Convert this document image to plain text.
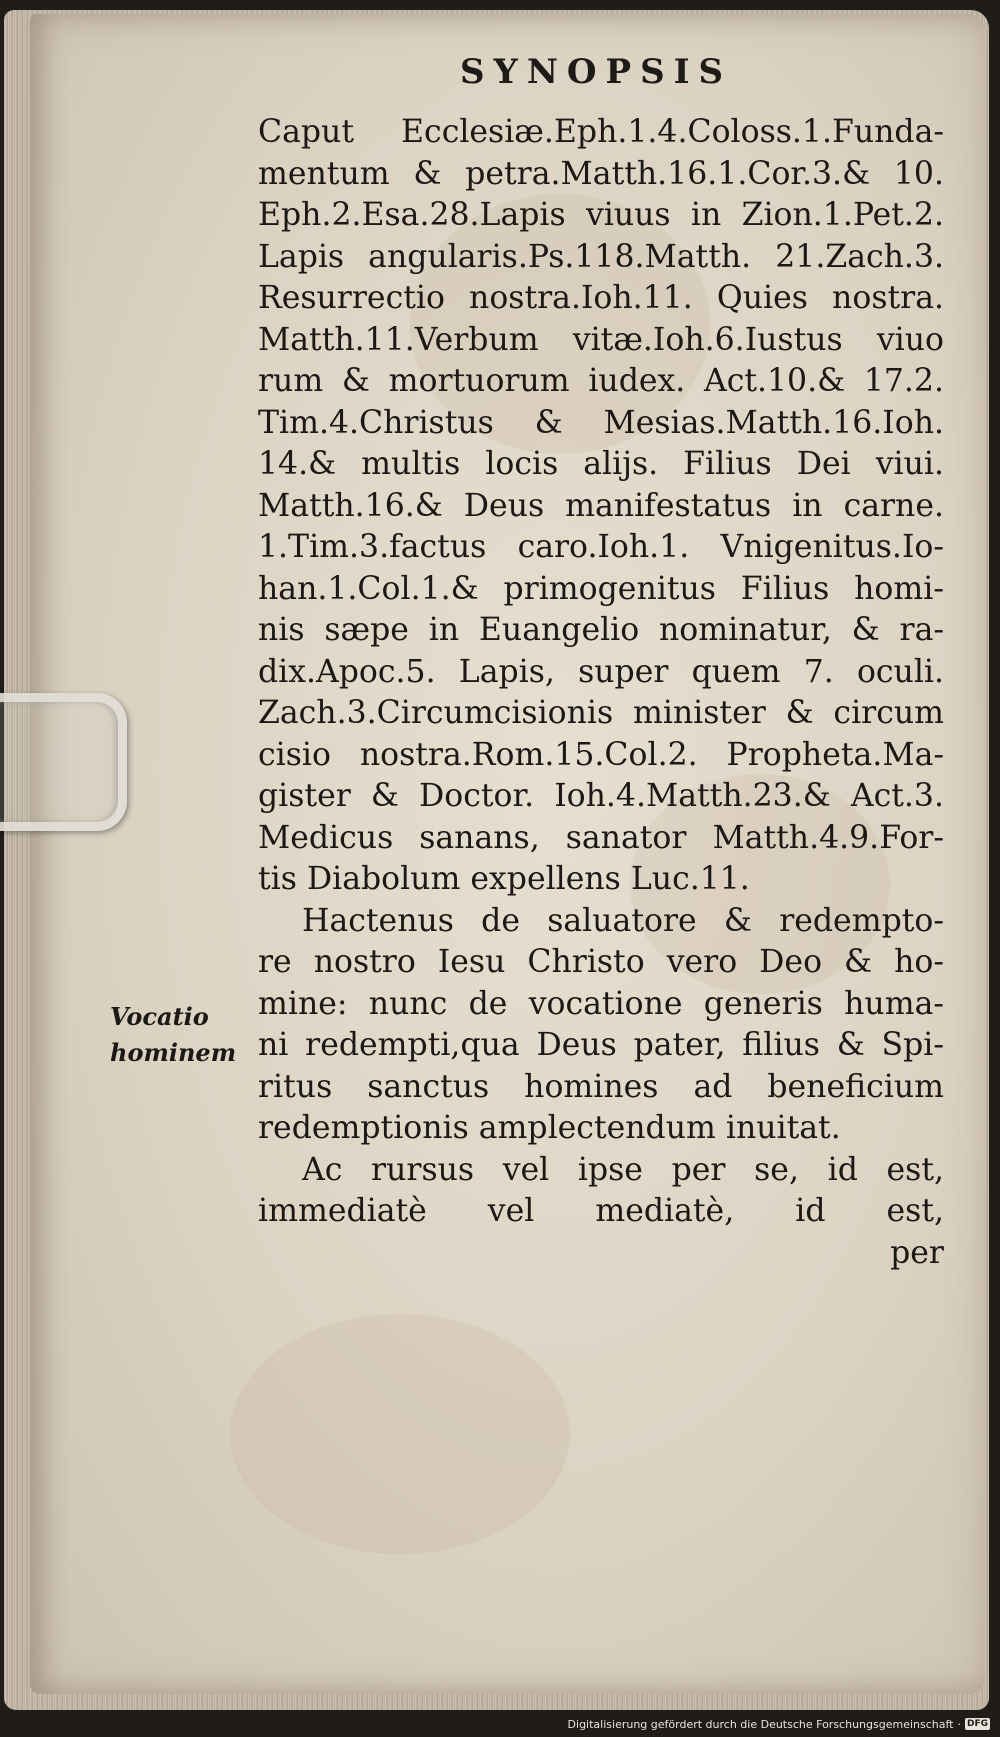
SYNOPSIS
Caput Ecclesiæ.Eph.1.4.Coloss.1.Funda-
mentum & petra.Matth.16.1.Cor.3.& 10.
Eph.2.Esa.28.Lapis viuus in Zion.1.Pet.2.
Lapis angularis.Ps.118.Matth. 21.Zach.3.
Resurrectio nostra.Ioh.11. Quies nostra.
Matth.11.Verbum vitæ.Ioh.6.Iustus viuo
rum & mortuorum iudex. Act.10.& 17.2.
Tim.4.Christus & Mesias.Matth.16.Ioh.
14.& multis locis alijs. Filius Dei viui.
Matth.16.& Deus manifestatus in carne.
1.Tim.3.factus caro.Ioh.1. Vnigenitus.Io-
han.1.Col.1.& primogenitus Filius homi-
nis sæpe in Euangelio nominatur, & ra-
dix.Apoc.5. Lapis, super quem 7. oculi.
Zach.3.Circumcisionis minister & circum
cisio nostra.Rom.15.Col.2. Propheta.Ma-
gister & Doctor. Ioh.4.Matth.23.& Act.3.
Medicus sanans, sanator Matth.4.9.For-
tis Diabolum expellens Luc.11.
Hactenus de saluatore & redempto-
re nostro Iesu Christo vero Deo & ho-
mine: nunc de vocatione generis huma-
ni redempti,qua Deus pater, filius & Spi-
ritus sanctus homines ad beneficium
redemptionis amplectendum inuitat.
Ac rursus vel ipse per se, id est,
immediatè vel mediatè, id est,
per
Vocatio
hominem
Digitalisierung gefördert durch die Deutsche Forschungsgemeinschaft · DFG
